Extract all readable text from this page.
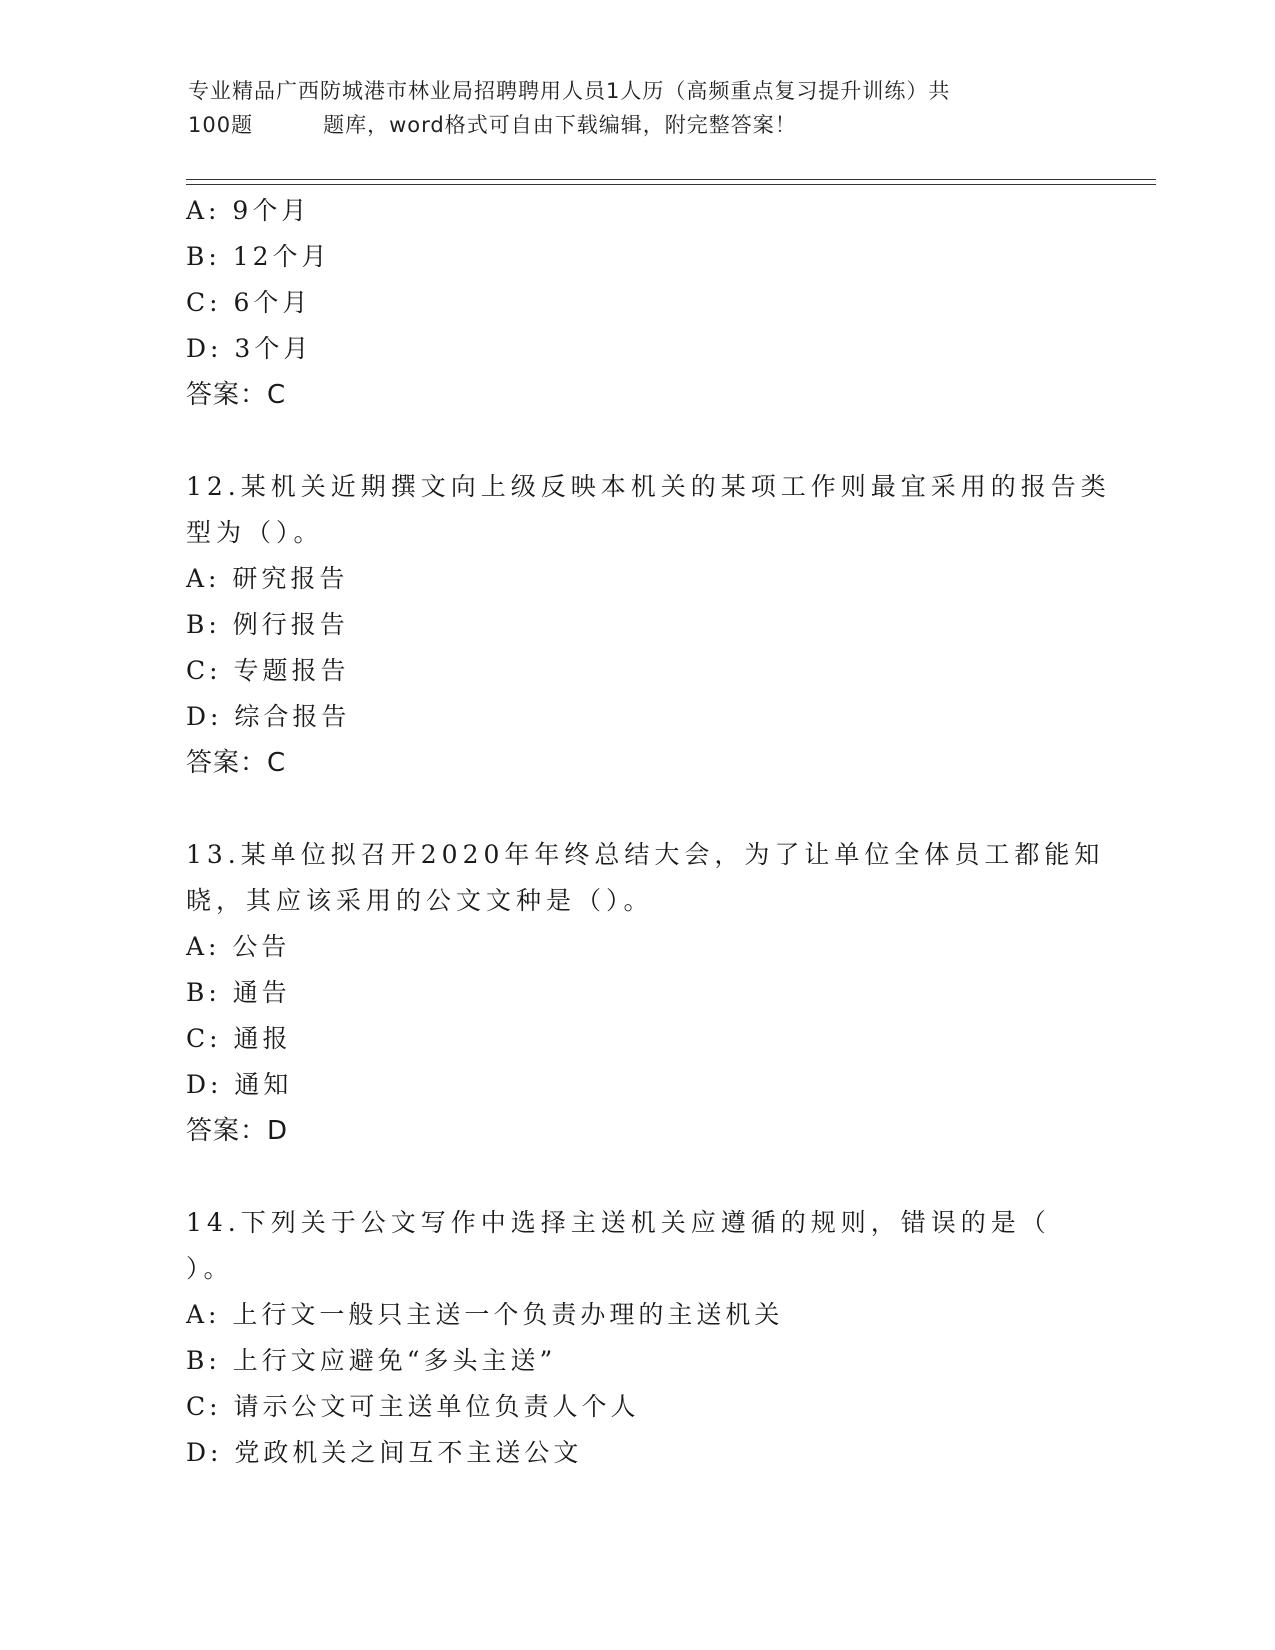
专业精品广西防城港市林业局招聘聘用人员1人历（高频重点复习提升训练）共
100题	题库，word格式可自由下载编辑，附完整答案！
A: 9个月
B: 12个月
C: 6个月
D: 3个月
答案：C
12.某机关近期撰文向上级反映本机关的某项工作则最宜采用的报告类
型为（）。
A: 研究报告
B: 例行报告
C: 专题报告
D: 综合报告
答案：C
13.某单位拟召开2020年年终总结大会，为了让单位全体员工都能知
晓，其应该采用的公文文种是（）。
A: 公告
B: 通告
C: 通报
D: 通知
答案：D
14.下列关于公文写作中选择主送机关应遵循的规则，错误的是（
）。
A: 上行文一般只主送一个负责办理的主送机关
B: 上行文应避免“多头主送”
C: 请示公文可主送单位负责人个人
D: 党政机关之间互不主送公文
